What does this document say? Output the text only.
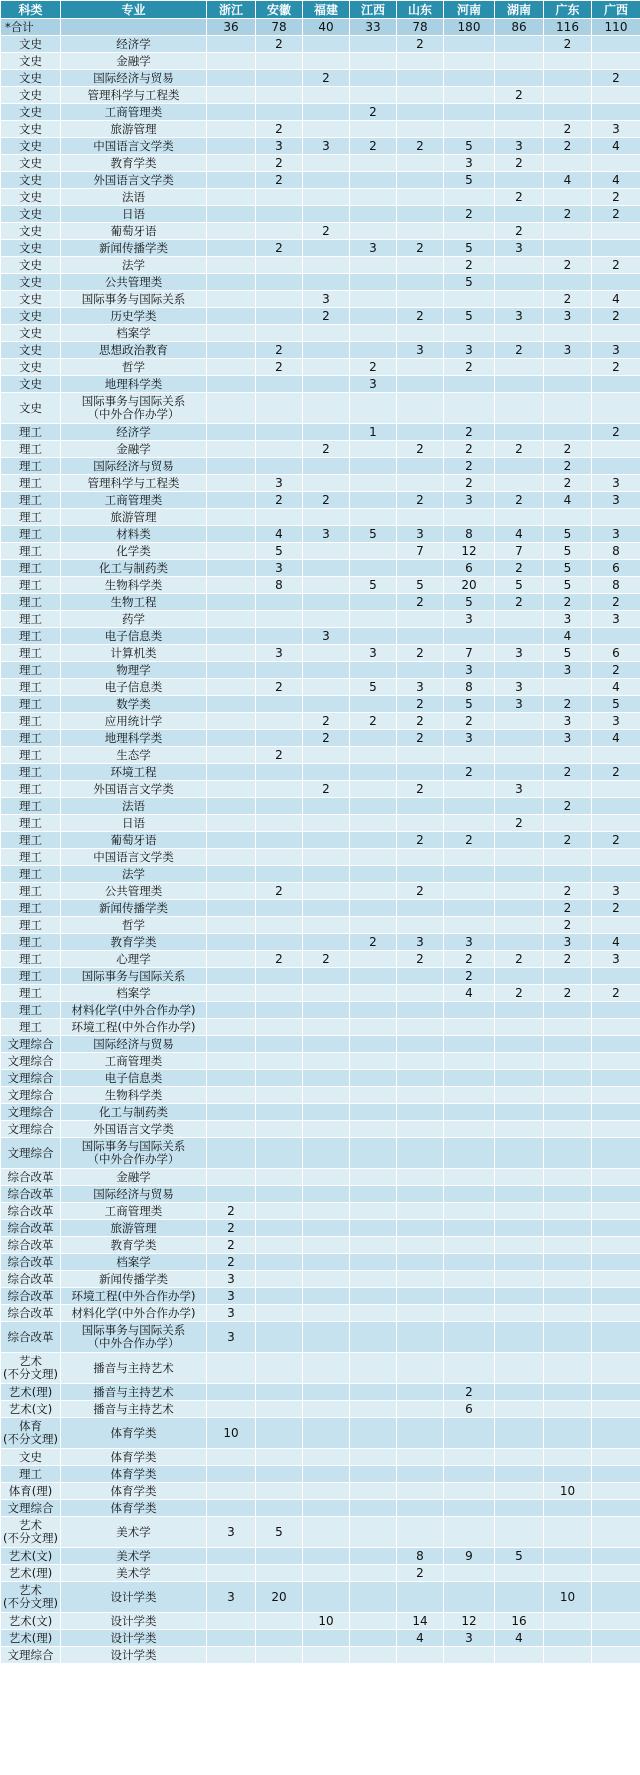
科类	专业	浙江	安徽	福建	江西	山东	河南	湖南	广东	广西
*合计		36	78	40	33	78	180	86	116	110

文史	经济学		2			2			2	

文史	金融学									

文史	国际经济与贸易			2						2

文史	管理科学与工程类							2		

文史	工商管理类				2					

文史	旅游管理		2						2	3

文史	中国语言文学类		3	3	2	2	5	3	2	4

文史	教育学类		2				3	2		

文史	外国语言文学类		2				5		4	4

文史	法语							2		2

文史	日语						2		2	2

文史	葡萄牙语			2				2		

文史	新闻传播学类		2		3	2	5	3		

文史	法学						2		2	2

文史	公共管理类						5			

文史	国际事务与国际关系			3					2	4

文史	历史学类			2		2	5	3	3	2

文史	档案学									

文史	思想政治教育		2			3	3	2	3	3

文史	哲学		2		2		2			2

文史	地理科学类				3					

文史	国际事务与国际关系
（中外合作办学）									

理工	经济学				1		2			2

理工	金融学			2		2	2	2	2	

理工	国际经济与贸易						2		2	

理工	管理科学与工程类		3				2		2	3

理工	工商管理类		2	2		2	3	2	4	3

理工	旅游管理									

理工	材料类		4	3	5	3	8	4	5	3

理工	化学类		5			7	12	7	5	8

理工	化工与制药类		3				6	2	5	6

理工	生物科学类		8		5	5	20	5	5	8

理工	生物工程					2	5	2	2	2

理工	药学						3		3	3

理工	电子信息类			3					4	

理工	计算机类		3		3	2	7	3	5	6

理工	物理学						3		3	2

理工	电子信息类		2		5	3	8	3		4

理工	数学类					2	5	3	2	5

理工	应用统计学			2	2	2	2		3	3

理工	地理科学类			2		2	3		3	4

理工	生态学		2							

理工	环境工程						2		2	2

理工	外国语言文学类			2		2		3		

理工	法语								2	

理工	日语							2		

理工	葡萄牙语					2	2		2	2

理工	中国语言文学类									

理工	法学									

理工	公共管理类		2			2			2	3

理工	新闻传播学类								2	2

理工	哲学								2	

理工	教育学类				2	3	3		3	4

理工	心理学		2	2		2	2	2	2	3

理工	国际事务与国际关系						2			

理工	档案学						4	2	2	2

理工	材料化学(中外合作办学)									

理工	环境工程(中外合作办学)									

文理综合	国际经济与贸易									

文理综合	工商管理类									

文理综合	电子信息类									

文理综合	生物科学类									

文理综合	化工与制药类									

文理综合	外国语言文学类									

文理综合	国际事务与国际关系
（中外合作办学）									

综合改革	金融学									

综合改革	国际经济与贸易									

综合改革	工商管理类	2								

综合改革	旅游管理	2								

综合改革	教育学类	2								

综合改革	档案学	2								

综合改革	新闻传播学类	3								

综合改革	环境工程(中外合作办学)	3								

综合改革	材料化学(中外合作办学)	3								

综合改革	国际事务与国际关系
（中外合作办学）	3								

艺术
(不分文理)	播音与主持艺术									

艺术(理)	播音与主持艺术						2			

艺术(文)	播音与主持艺术						6			

体育
(不分文理)	体育学类	10								

文史	体育学类									

理工	体育学类									

体育(理)	体育学类								10	

文理综合	体育学类									

艺术
(不分文理)	美术学	3	5							

艺术(文)	美术学					8	9	5		

艺术(理)	美术学					2				

艺术
(不分文理)	设计学类	3	20						10	

艺术(文)	设计学类			10		14	12	16		

艺术(理)	设计学类					4	3	4		

文理综合	设计学类									
